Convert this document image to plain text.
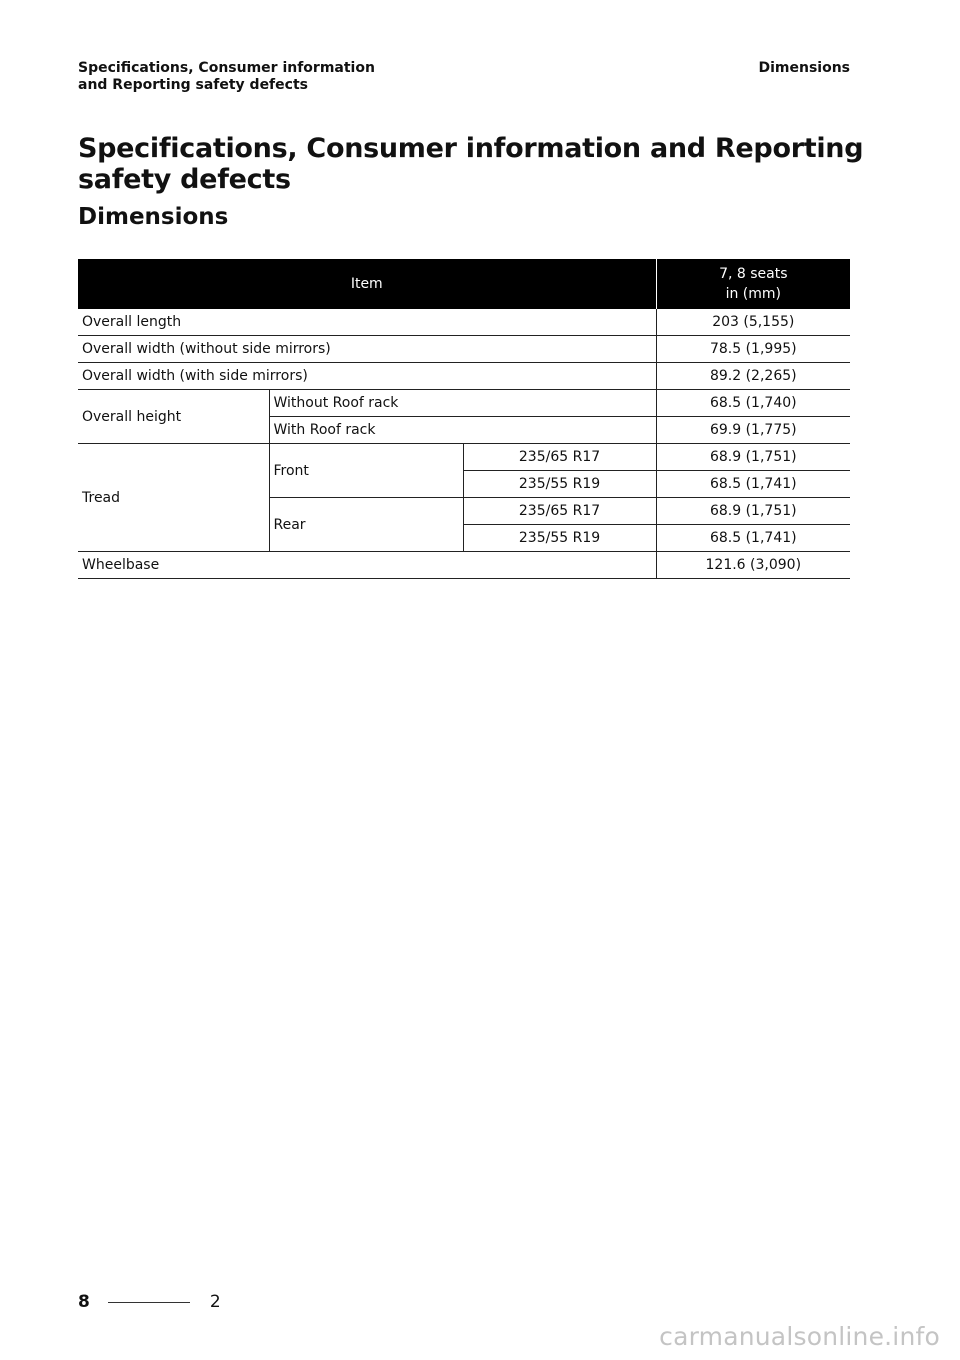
Specifications, Consumer information and Reporting safety defects
Dimensions
Specifications, Consumer information and Reporting safety defects
Dimensions
Item			7, 8 seats
in (mm)

Overall length			203 (5,155)
Overall width (without side mirrors)			78.5 (1,995)
Overall width (with side mirrors)			89.2 (2,265)
Overall height	Without Roof rack		68.5 (1,740)
	With Roof rack		69.9 (1,775)
Tread	Front	235/65 R17	68.9 (1,751)
		235/55 R19	68.5 (1,741)
	Rear	235/65 R17	68.9 (1,751)
		235/55 R19	68.5 (1,741)
Wheelbase			121.6 (3,090)
8	2
carmanualsonline.info
